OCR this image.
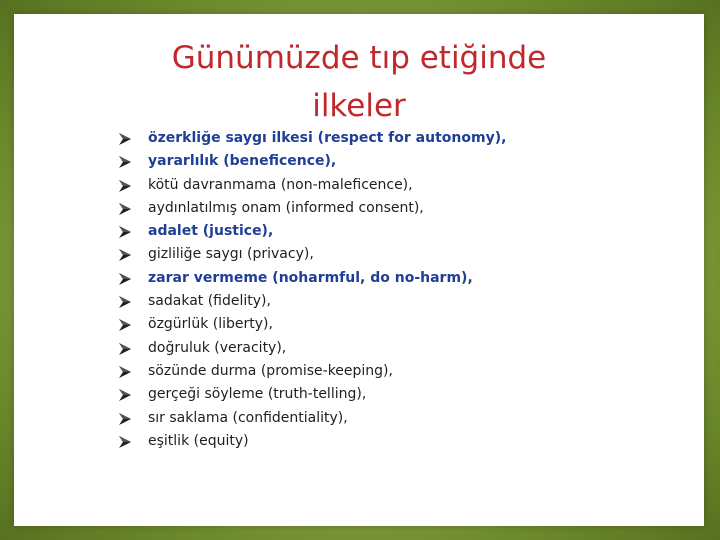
Günümüzde tıp etiğinde
ilkeler
özerkliğe saygı ilkesi (respect for autonomy),
yararlılık (beneficence),
kötü davranmama (non-maleficence),
aydınlatılmış onam (informed consent),
adalet (justice),
gizliliğe saygı (privacy),
zarar vermeme (noharmful, do no-harm),
sadakat (fidelity),
özgürlük (liberty),
doğruluk (veracity),
sözünde durma (promise-keeping),
gerçeği söyleme (truth-telling),
sır saklama (confidentiality),
eşitlik (equity)
